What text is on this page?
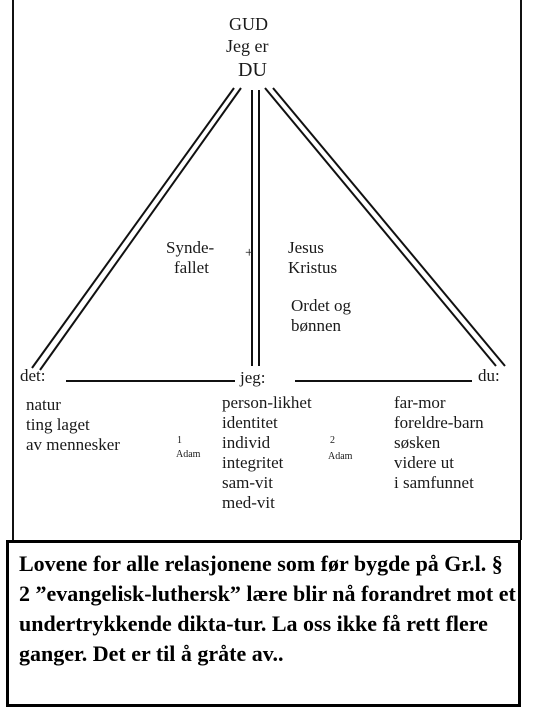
GUD
Jeg er
DU
Synde-
fallet
+ Jesus
Kristus
Ordet og
bønnen
det:	jeg:	du:
natur
ting laget
av mennesker	1
Adam
person-likhet
identitet
individ
integritet
sam-vit
med-vit
2
Adam
far-mor
foreldre-barn
søsken
videre ut
i samfunnet
Lovene for alle relasjonene som før bygde på Gr.l. § 2 ”evangelisk-luthersk” lære blir nå forandret mot et undertrykkende dikta-tur. La oss ikke få rett flere ganger. Det er til å gråte av..
